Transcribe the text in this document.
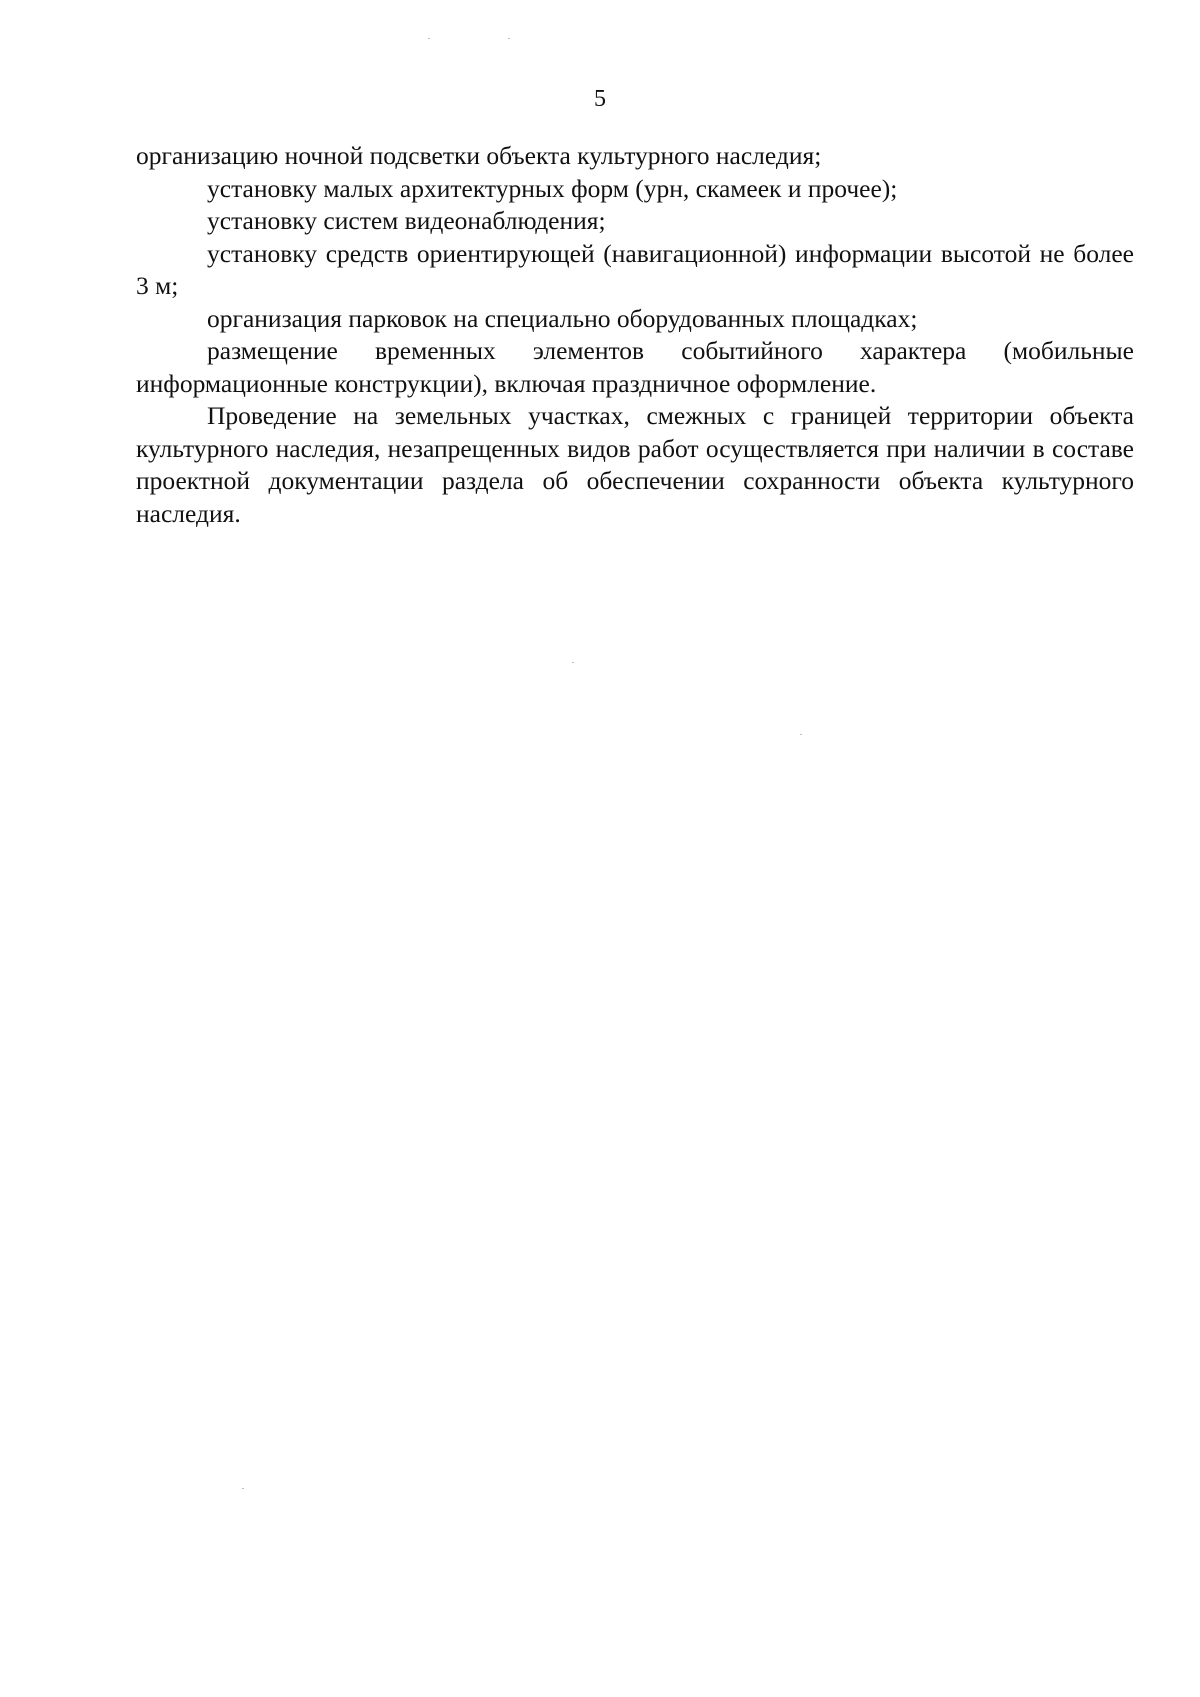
5

организацию ночной подсветки объекта культурного наследия;

установку малых архитектурных форм (урн, скамеек и прочее);

установку систем видеонаблюдения;

установку средств ориентирующей (навигационной) информации высотой не более 3 м;

организация парковок на специально оборудованных площадках;

размещение временных элементов событийного характера (мобильные информационные конструкции), включая праздничное оформление.

Проведение на земельных участках, смежных с границей территории объекта культурного наследия, незапрещенных видов работ осуществляется при наличии в составе проектной документации раздела об обеспечении сохранности объекта культурного наследия.
